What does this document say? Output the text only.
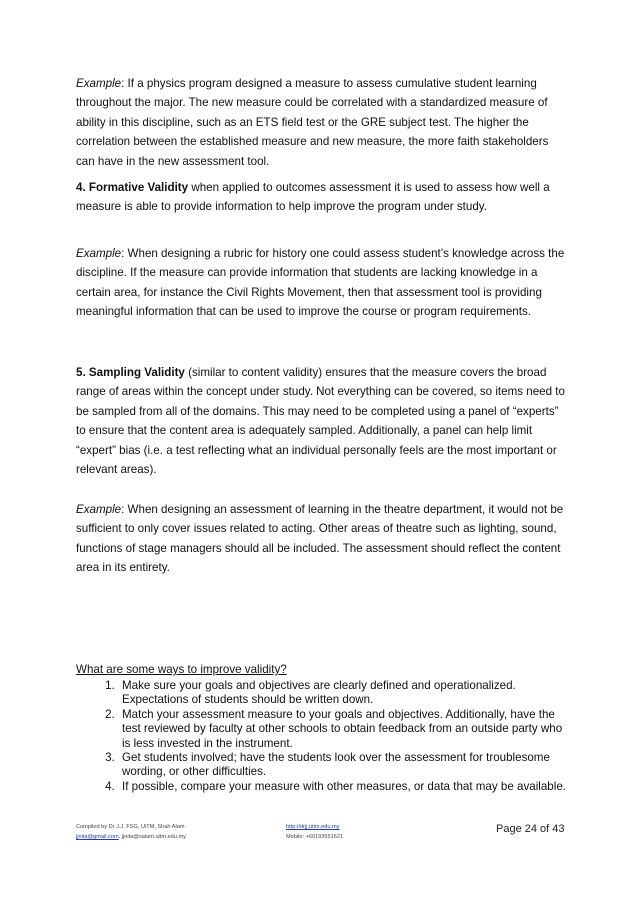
Example: If a physics program designed a measure to assess cumulative student learning throughout the major. The new measure could be correlated with a standardized measure of ability in this discipline, such as an ETS field test or the GRE subject test. The higher the correlation between the established measure and new measure, the more faith stakeholders can have in the new assessment tool.

4. Formative Validity when applied to outcomes assessment it is used to assess how well a measure is able to provide information to help improve the program under study.

Example: When designing a rubric for history one could assess student’s knowledge across the discipline. If the measure can provide information that students are lacking knowledge in a certain area, for instance the Civil Rights Movement, then that assessment tool is providing meaningful information that can be used to improve the course or program requirements.

5. Sampling Validity (similar to content validity) ensures that the measure covers the broad range of areas within the concept under study. Not everything can be covered, so items need to be sampled from all of the domains. This may need to be completed using a panel of “experts” to ensure that the content area is adequately sampled. Additionally, a panel can help limit “expert” bias (i.e. a test reflecting what an individual personally feels are the most important or relevant areas).

Example: When designing an assessment of learning in the theatre department, it would not be sufficient to only cover issues related to acting. Other areas of theatre such as lighting, sound, functions of stage managers should all be included. The assessment should reflect the content area in its entirety.

What are some ways to improve validity?
1. Make sure your goals and objectives are clearly defined and operationalized. Expectations of students should be written down.
2. Match your assessment measure to your goals and objectives. Additionally, have the test reviewed by faculty at other schools to obtain feedback from an outside party who is less invested in the instrument.
3. Get students involved; have the students look over the assessment for troublesome wording, or other difficulties.
4. If possible, compare your measure with other measures, or data that may be available.
Compiled by Dr J.J, FSG, UiTM, Shah Alam
jjnita@gmail.com, jjnita@salam.uitm.edu.my
http://drjj.uitm.edu.my
Mobile: +60193551621
Page 24 of 43
